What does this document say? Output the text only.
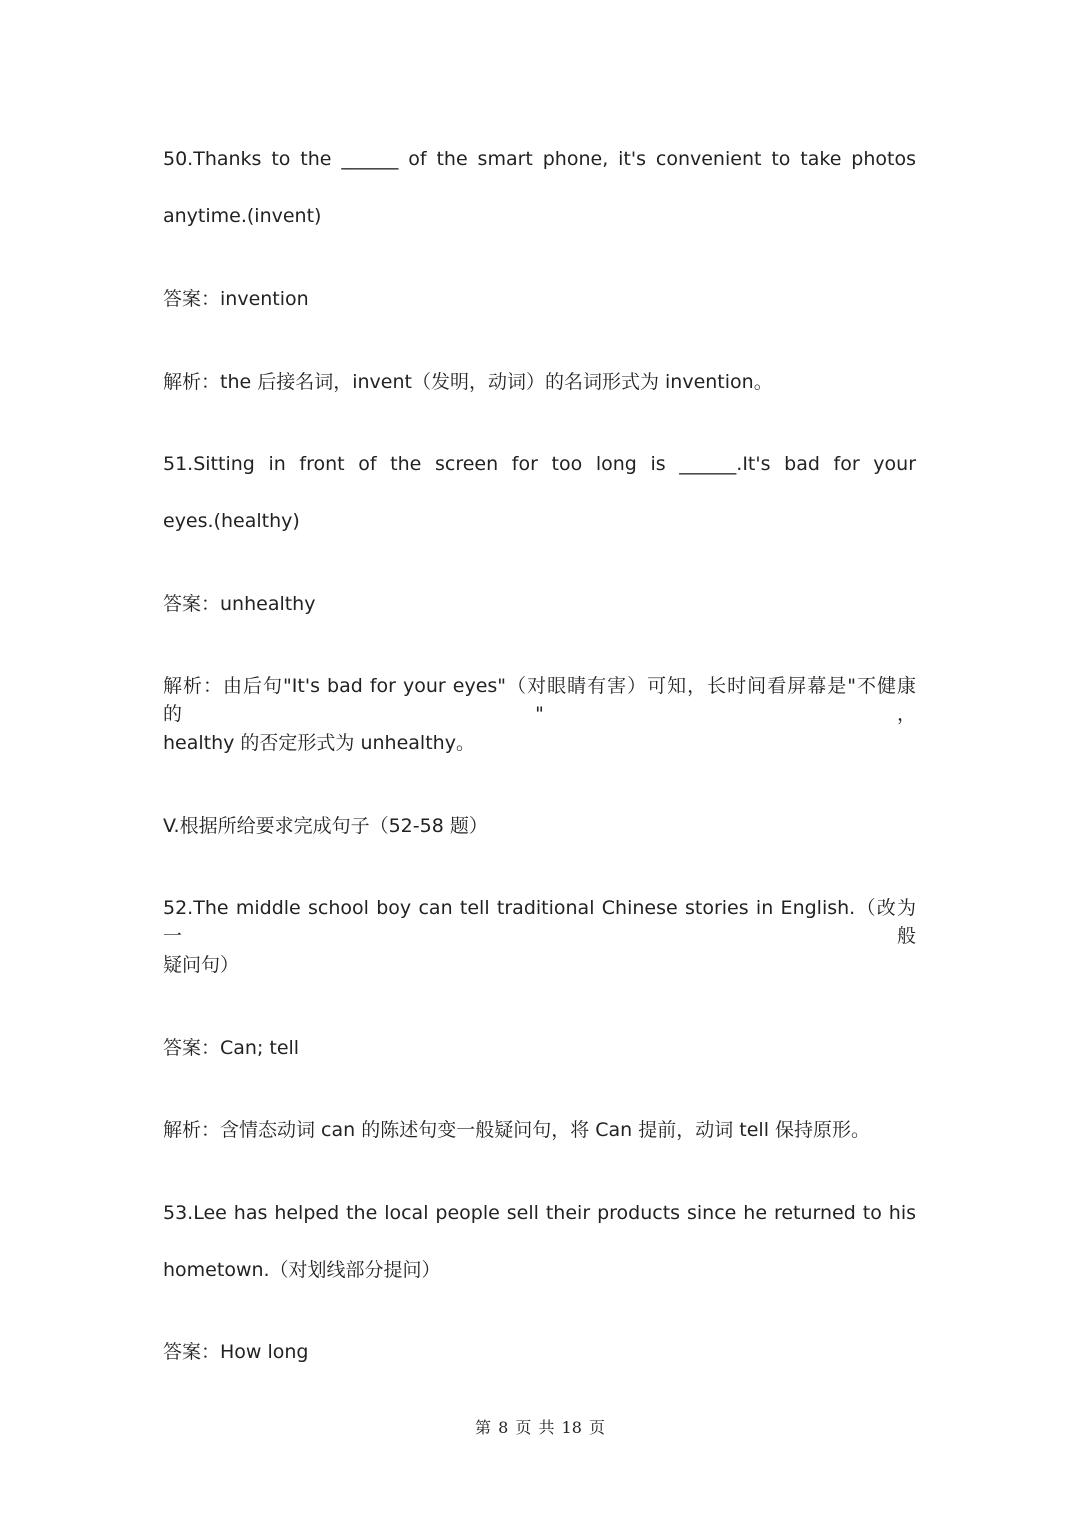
50.Thanks to the ______ of the smart phone, it's convenient to take photos
anytime.(invent)
答案：invention
解析：the 后接名词，invent（发明，动词）的名词形式为 invention。
51.Sitting in front of the screen for too long is ______.It's bad for your
eyes.(healthy)
答案：unhealthy
解析：由后句"It's bad for your eyes"（对眼睛有害）可知，长时间看屏幕是"不健康的"，
healthy 的否定形式为 unhealthy。
V.根据所给要求完成句子（52-58 题）
52.The middle school boy can tell traditional Chinese stories in English.（改为一般
疑问句）
答案：Can; tell
解析：含情态动词 can 的陈述句变一般疑问句，将 Can 提前，动词 tell 保持原形。
53.Lee has helped the local people sell their products since he returned to his
hometown.（对划线部分提问）
答案：How long
第 8 页 共 18 页
